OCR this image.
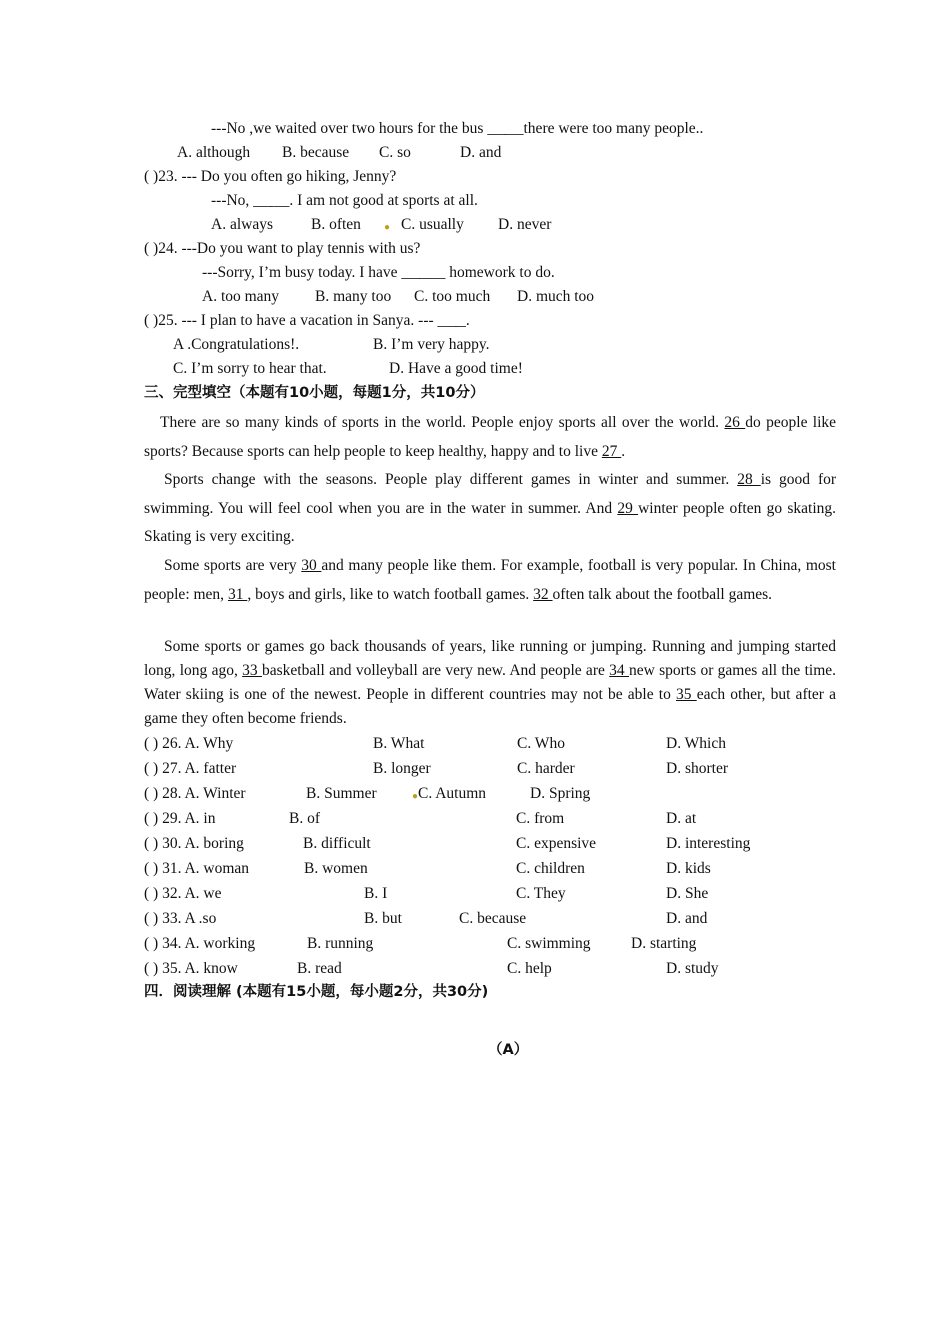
---No ,we waited over two hours for the bus __ˍ__there were too many people..
A. although B. because C. so	D. and
( )23. --- Do you often go hiking, Jenny?
---No, __ˍ__. I am not good at sports at all.
A. always B. often ● C. usually D. never
( )24. ---Do you want to play tennis with us?
---Sorry, I’m busy today. I have __ˍ___ homework to do.
A. too many B. many too C. too much D. much too
( )25. --- I plan to have a vacation in Sanya. --- __ˍ_.
A .Congratulations!.	B. I’m very happy.
C. I’m sorry to hear that.	D. Have a good time!
三、完型填空（本题有10小题，每题1分，共10分）
There are so many kinds of sports in the world. People enjoy sports all over the world. 26 do people like sports? Because sports can help people to keep healthy, happy and to live 27 .
Sports change with the seasons. People play different games in winter and summer. 28 is good for swimming. You will feel cool when you are in the water in summer. And 29 winter people often go skating. Skating is very exciting.
Some sports are very 30 and many people like them. For example, football is very popular. In China, most people: men, 31 , boys and girls, like to watch football games. 32 often talk about the football games.
Some sports or games go back thousands of years, like running or jumping. Running and jumping started long, long ago, 33 basketball and volleyball are very new. And people are 34 new sports or games all the time. Water skiing is one of the newest. People in different countries may not be able to 35 each other, but after a game they often become friends.
( ) 26. A. Why	B. What	C. Who	D. Which
( ) 27. A. fatter	B. longer	C. harder	D. shorter
( ) 28. A. Winter	B. Summer	● C. Autumn	D. Spring
( ) 29. A. in	B. of	C. from	D. at
( ) 30. A. boring	B. difficult	C. expensive	D. interesting
( ) 31. A. woman	B. women	C. children	D. kids
( ) 32. A. we	B. I	C. They	D. She
( ) 33. A .so	B. but	C. because	D. and
( ) 34. A. working	B. running	C. swimming	D. starting
( ) 35. A. know	B. read	C. help	D. study
四．阅读理解 (本题有15小题，每小题2分，共30分)
（A）
